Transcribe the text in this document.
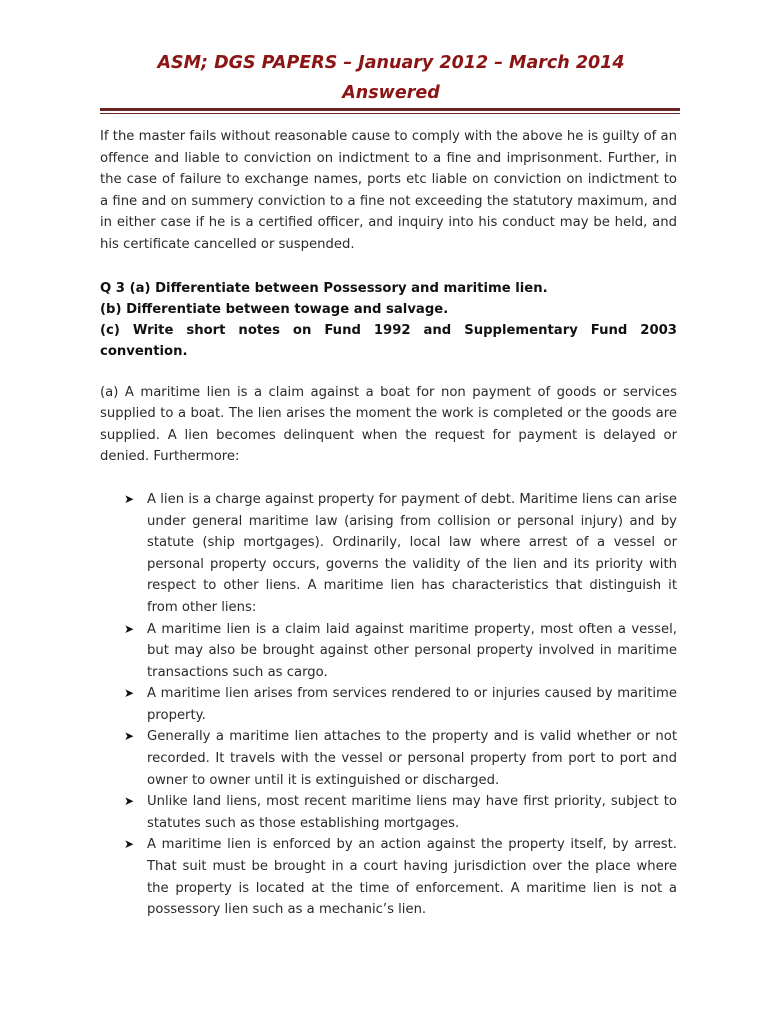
ASM; DGS PAPERS – January 2012 – March 2014
Answered

If the master fails without reasonable cause to comply with the above he is guilty of an offence and liable to conviction on indictment to a fine and imprisonment. Further, in the case of failure to exchange names, ports etc liable on conviction on indictment to a fine and on summery conviction to a fine not exceeding the statutory maximum, and in either case if he is a certified officer, and inquiry into his conduct may be held, and his certificate cancelled or suspended.

Q 3 (a) Differentiate between Possessory and maritime lien.

(b) Differentiate between towage and salvage.

(c) Write short notes on Fund 1992 and Supplementary Fund 2003 convention.

(a) A maritime lien is a claim against a boat for non payment of goods or services supplied to a boat. The lien arises the moment the work is completed or the goods are supplied. A lien becomes delinquent when the request for payment is delayed or denied. Furthermore:

➤ A lien is a charge against property for payment of debt. Maritime liens can arise under general maritime law (arising from collision or personal injury) and by statute (ship mortgages). Ordinarily, local law where arrest of a vessel or personal property occurs, governs the validity of the lien and its priority with respect to other liens. A maritime lien has characteristics that distinguish it from other liens:
➤ A maritime lien is a claim laid against maritime property, most often a vessel, but may also be brought against other personal property involved in maritime transactions such as cargo.
➤ A maritime lien arises from services rendered to or injuries caused by maritime property.
➤ Generally a maritime lien attaches to the property and is valid whether or not recorded. It travels with the vessel or personal property from port to port and owner to owner until it is extinguished or discharged.
➤ Unlike land liens, most recent maritime liens may have first priority, subject to statutes such as those establishing mortgages.
➤ A maritime lien is enforced by an action against the property itself, by arrest. That suit must be brought in a court having jurisdiction over the place where the property is located at the time of enforcement. A maritime lien is not a possessory lien such as a mechanic’s lien.
